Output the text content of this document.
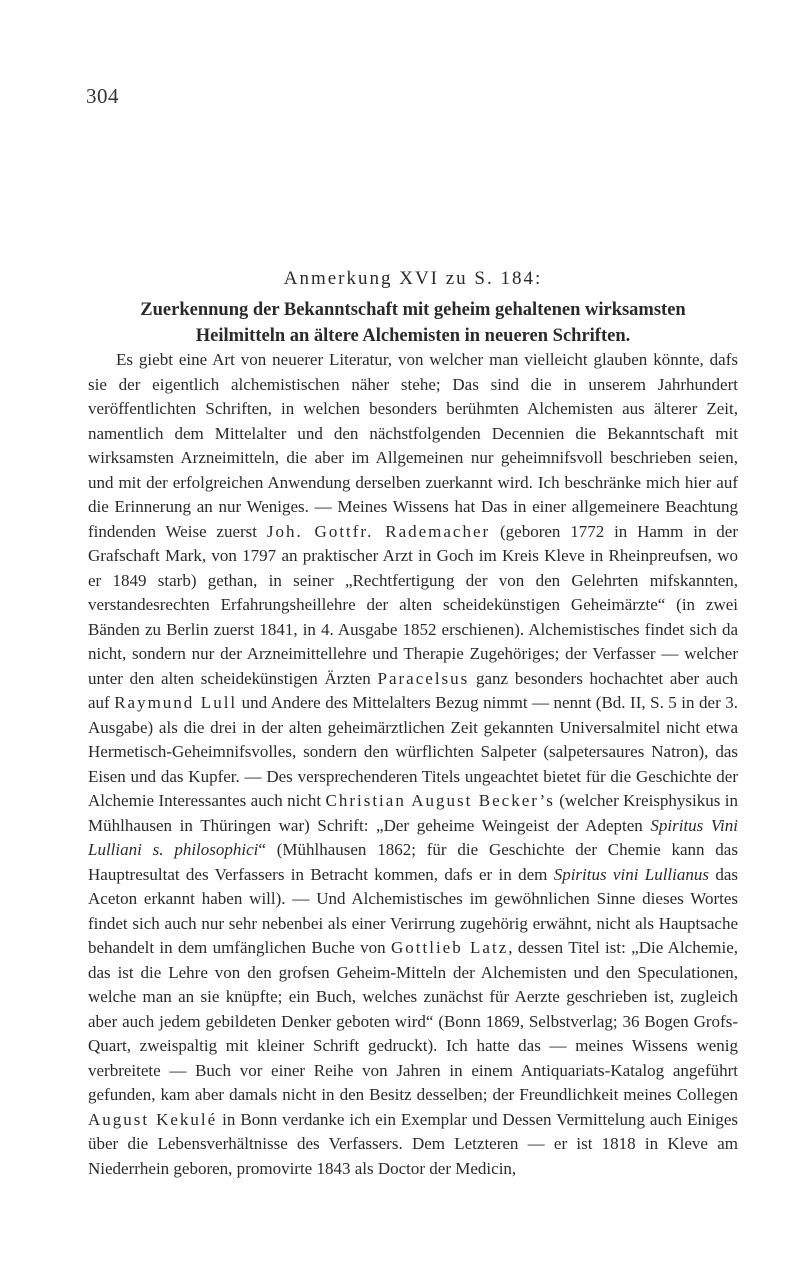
304
Anmerkung XVI zu S. 184:
Zuerkennung der Bekanntschaft mit geheim gehaltenen wirksamsten
Heilmitteln an ältere Alchemisten in neueren Schriften.

Es giebt eine Art von neuerer Literatur, von welcher man vielleicht glauben könnte, dafs sie der eigentlich alchemistischen näher stehe; Das sind die in unserem Jahrhundert veröffentlichten Schriften, in welchen besonders berühmten Alchemisten aus älterer Zeit, namentlich dem Mittelalter und den nächstfolgenden Decennien die Bekanntschaft mit wirksamsten Arzneimitteln, die aber im Allgemeinen nur geheimnifsvoll beschrieben seien, und mit der erfolgreichen Anwendung derselben zuerkannt wird. Ich beschränke mich hier auf die Erinnerung an nur Weniges. — Meines Wissens hat Das in einer allgemeinere Beachtung findenden Weise zuerst Joh. Gottfr. Rademacher (geboren 1772 in Hamm in der Grafschaft Mark, von 1797 an praktischer Arzt in Goch im Kreis Kleve in Rheinpreufsen, wo er 1849 starb) gethan, in seiner „Rechtfertigung der von den Gelehrten mifskannten, verstandesrechten Erfahrungsheillehre der alten scheidekünstigen Geheimärzte“ (in zwei Bänden zu Berlin zuerst 1841, in 4. Ausgabe 1852 erschienen). Alchemistisches findet sich da nicht, sondern nur der Arzneimittellehre und Therapie Zugehöriges; der Verfasser — welcher unter den alten scheidekünstigen Ärzten Paracelsus ganz besonders hochachtet aber auch auf Raymund Lull und Andere des Mittelalters Bezug nimmt — nennt (Bd. II, S. 5 in der 3. Ausgabe) als die drei in der alten geheimärztlichen Zeit gekannten Universalmitel nicht etwa Hermetisch-Geheimnifsvolles, sondern den würflichten Salpeter (salpetersaures Natron), das Eisen und das Kupfer. — Des versprechenderen Titels ungeachtet bietet für die Geschichte der Alchemie Interessantes auch nicht Christian August Becker’s (welcher Kreisphysikus in Mühlhausen in Thüringen war) Schrift: „Der geheime Weingeist der Adepten Spiritus Vini Lulliani s. philosophici“ (Mühlhausen 1862; für die Geschichte der Chemie kann das Hauptresultat des Verfassers in Betracht kommen, dafs er in dem Spiritus vini Lullianus das Aceton erkannt haben will). — Und Alchemistisches im gewöhnlichen Sinne dieses Wortes findet sich auch nur sehr nebenbei als einer Verirrung zugehörig erwähnt, nicht als Hauptsache behandelt in dem umfänglichen Buche von Gottlieb Latz, dessen Titel ist: „Die Alchemie, das ist die Lehre von den grofsen Geheim-Mitteln der Alchemisten und den Speculationen, welche man an sie knüpfte; ein Buch, welches zunächst für Aerzte geschrieben ist, zugleich aber auch jedem gebildeten Denker geboten wird“ (Bonn 1869, Selbstverlag; 36 Bogen Grofs-Quart, zweispaltig mit kleiner Schrift gedruckt). Ich hatte das — meines Wissens wenig verbreitete — Buch vor einer Reihe von Jahren in einem Antiquariats-Katalog angeführt gefunden, kam aber damals nicht in den Besitz desselben; der Freundlichkeit meines Collegen August Kekulé in Bonn verdanke ich ein Exemplar und Dessen Vermittelung auch Einiges über die Lebensverhältnisse des Verfassers. Dem Letzteren — er ist 1818 in Kleve am Niederrhein geboren, promovirte 1843 als Doctor der Medicin,
